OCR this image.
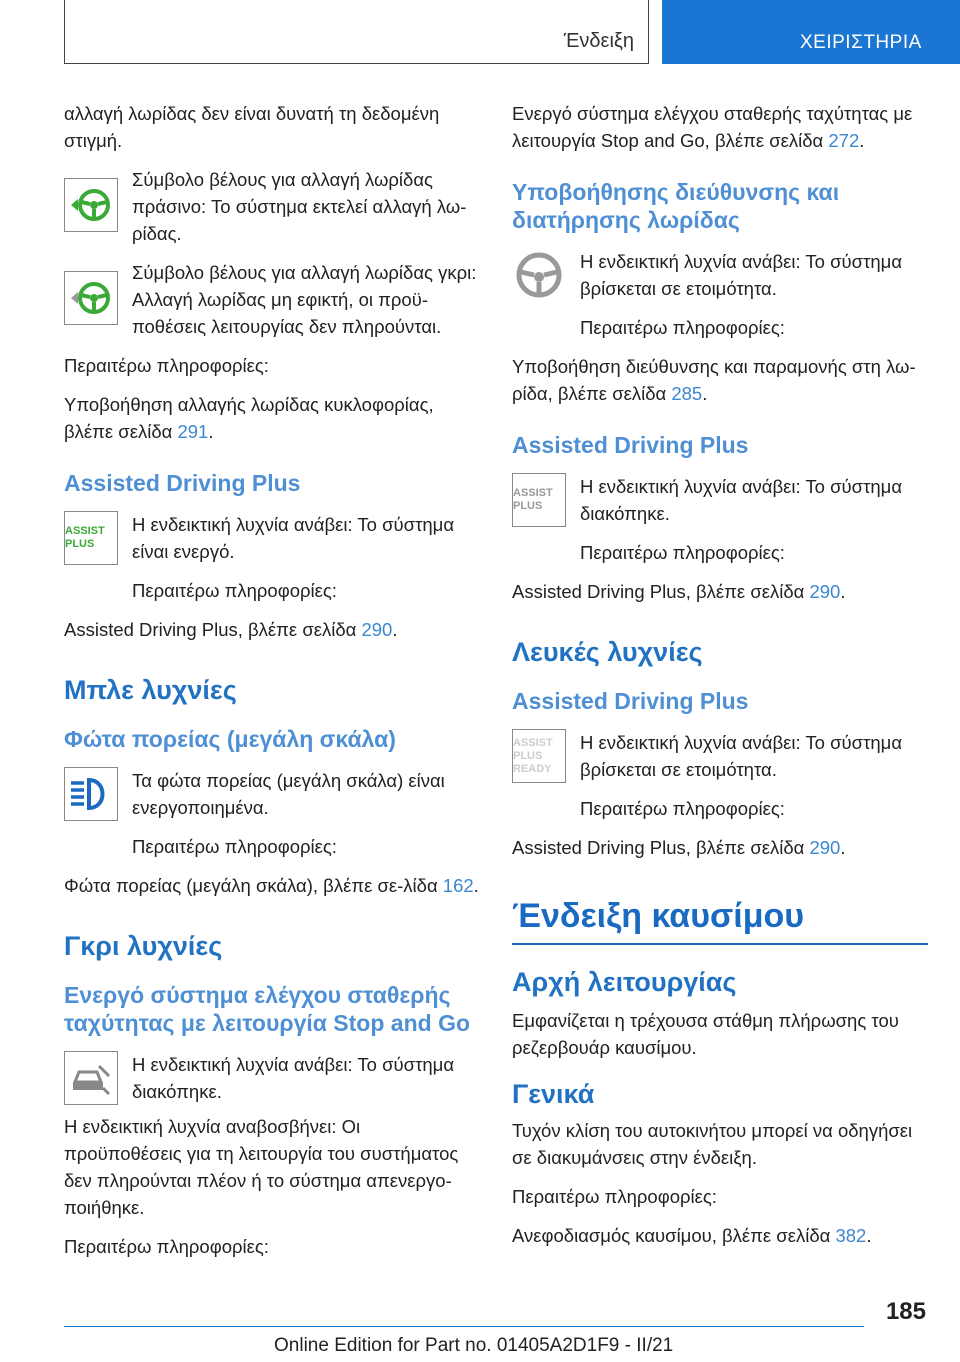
Ένδειξη	ΧΕΙΡΙΣΤΗΡΙΑ

αλλαγή λωρίδας δεν είναι δυνατή τη δεδομένη στιγμή.

Σύμβολο βέλους για αλλαγή λωρίδας πράσινο: Το σύστημα εκτελεί αλλαγή λω-ρίδας.

Σύμβολο βέλους για αλλαγή λωρίδας γκρι: Αλλαγή λωρίδας μη εφικτή, οι προϋ-ποθέσεις λειτουργίας δεν πληρούνται.

Περαιτέρω πληροφορίες:

Υποβοήθηση αλλαγής λωρίδας κυκλοφορίας, βλέπε σελίδα 291.

Assisted Driving Plus
ASSIST PLUS

Η ενδεικτική λυχνία ανάβει: Το σύστημα είναι ενεργό.

Περαιτέρω πληροφορίες:

Assisted Driving Plus, βλέπε σελίδα 290.

Μπλε λυχνίες
Φώτα πορείας (μεγάλη σκάλα)

Τα φώτα πορείας (μεγάλη σκάλα) είναι ενεργοποιημένα.

Περαιτέρω πληροφορίες:

Φώτα πορείας (μεγάλη σκάλα), βλέπε σε-λίδα 162.

Γκρι λυχνίες
Ενεργό σύστημα ελέγχου σταθερής ταχύτητας με λειτουργία Stop and Go

Η ενδεικτική λυχνία ανάβει: Το σύστημα διακόπηκε.

Η ενδεικτική λυχνία αναβοσβήνει: Οι προϋποθέσεις για τη λειτουργία του συστήματος δεν πληρούνται πλέον ή το σύστημα απενεργο-ποιήθηκε.

Περαιτέρω πληροφορίες:

Ενεργό σύστημα ελέγχου σταθερής ταχύτητας με λειτουργία Stop and Go, βλέπε σελίδα 272.

Υποβοήθησης διεύθυνσης και διατήρησης λωρίδας

Η ενδεικτική λυχνία ανάβει: Το σύστημα βρίσκεται σε ετοιμότητα.

Περαιτέρω πληροφορίες:

Υποβοήθηση διεύθυνσης και παραμονής στη λω-ρίδα, βλέπε σελίδα 285.

Assisted Driving Plus
ASSIST PLUS

Η ενδεικτική λυχνία ανάβει: Το σύστημα διακόπηκε.

Περαιτέρω πληροφορίες:

Assisted Driving Plus, βλέπε σελίδα 290.

Λευκές λυχνίες
Assisted Driving Plus
ASSIST PLUS READY

Η ενδεικτική λυχνία ανάβει: Το σύστημα βρίσκεται σε ετοιμότητα.

Περαιτέρω πληροφορίες:

Assisted Driving Plus, βλέπε σελίδα 290.

Ένδειξη καυσίμου
Αρχή λειτουργίας

Εμφανίζεται η τρέχουσα στάθμη πλήρωσης του ρεζερβουάρ καυσίμου.

Γενικά

Τυχόν κλίση του αυτοκινήτου μπορεί να οδηγήσει σε διακυμάνσεις στην ένδειξη.

Περαιτέρω πληροφορίες:

Ανεφοδιασμός καυσίμου, βλέπε σελίδα 382.

185
Online Edition for Part no. 01405A2D1F9 - II/21
